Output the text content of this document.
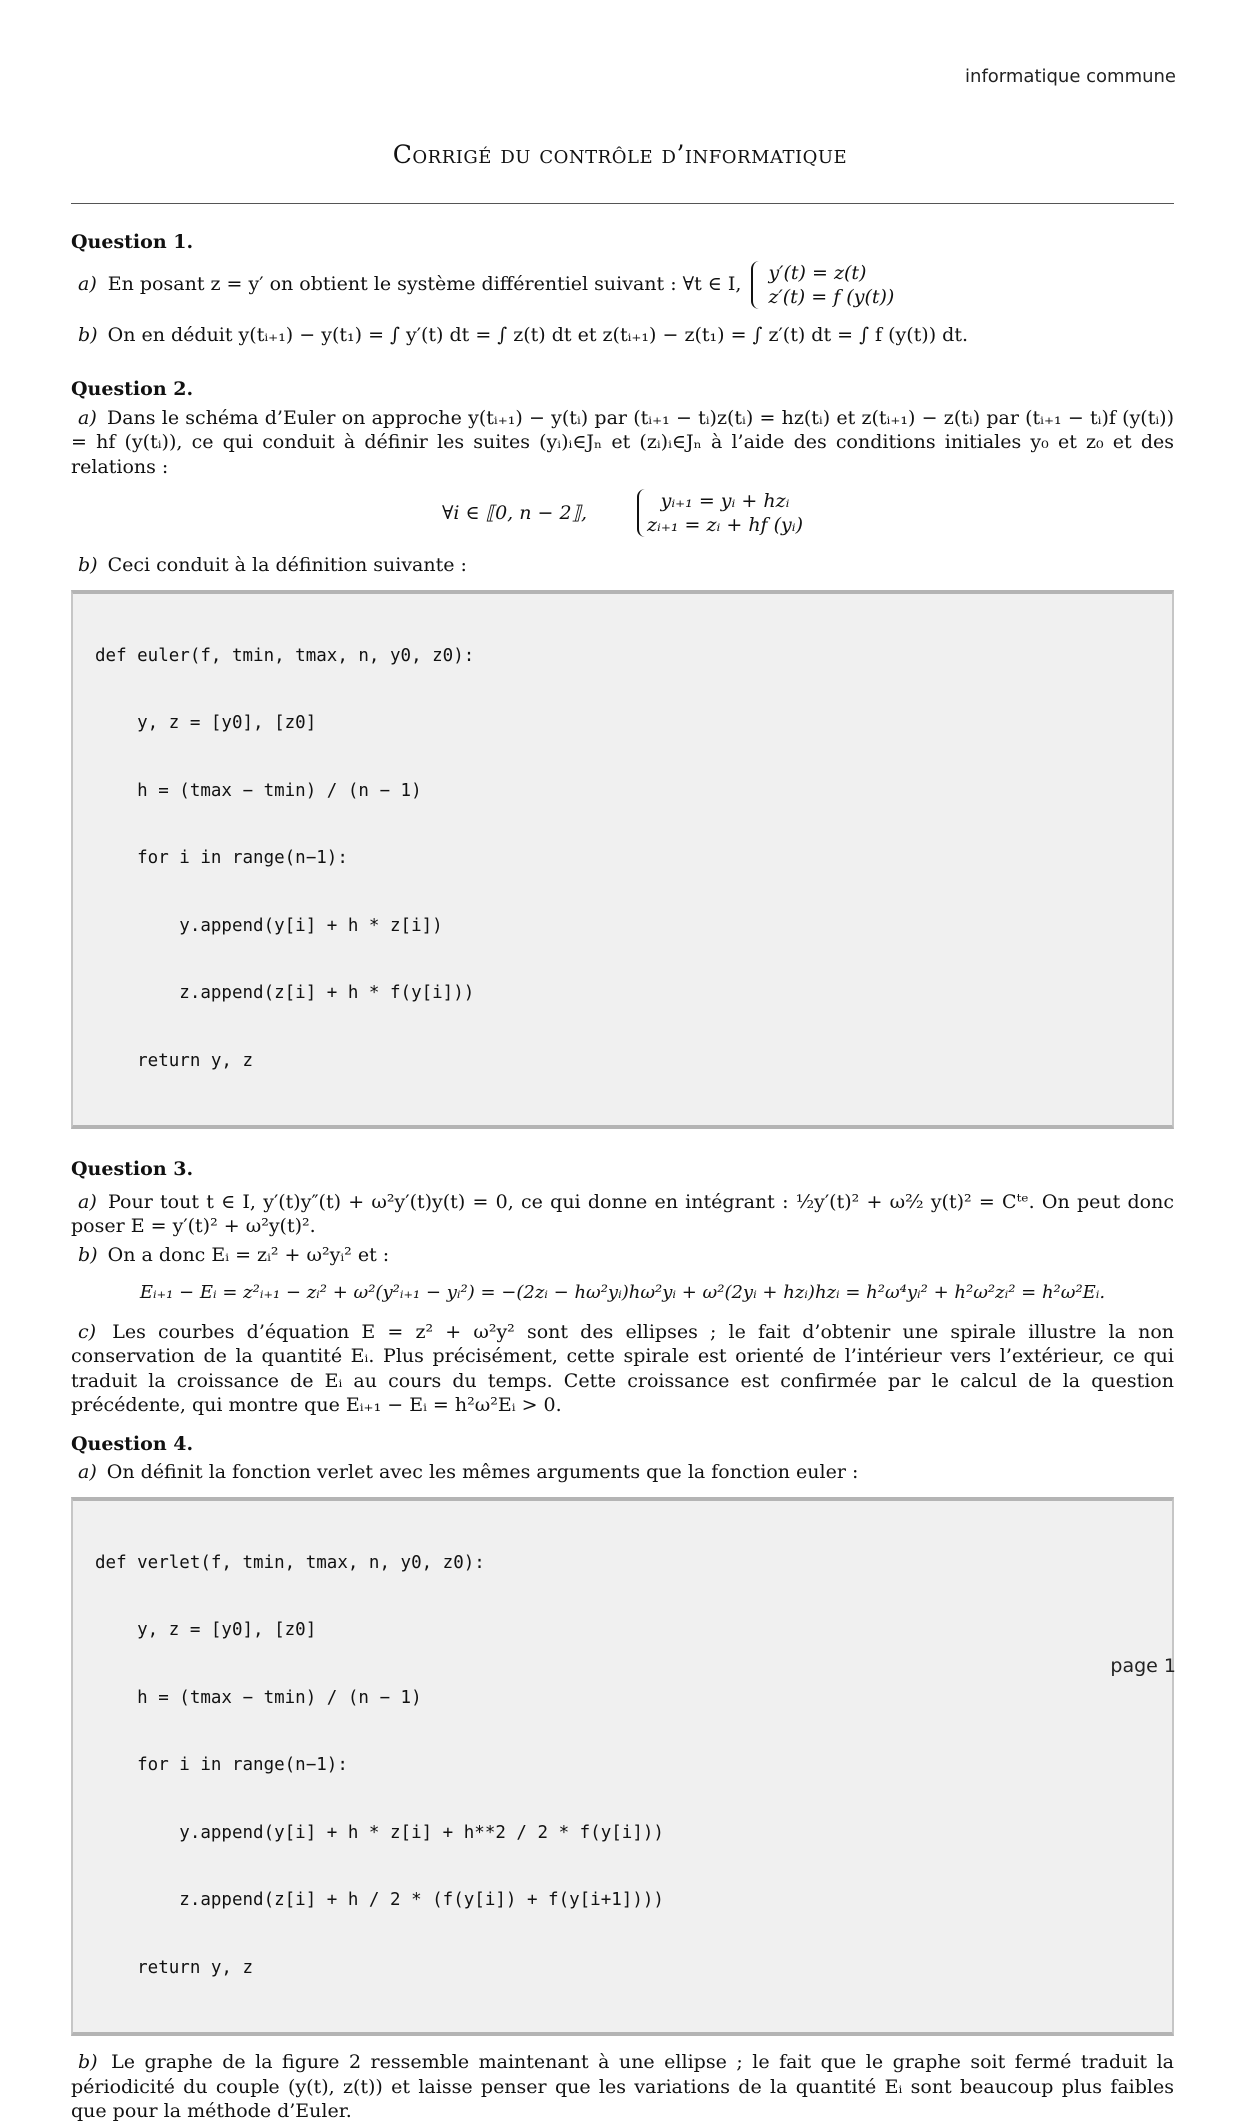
informatique commune
Corrigé du contrôle d’informatique

Question 1.

a) En posant z = y′ on obtient le système différentiel suivant : ∀t ∈ I,
y′(t) = z(t)
z′(t) = f (y(t))
b) On en déduit y(tᵢ₊₁) − y(t₁) = ∫ y′(t) dt = ∫ z(t) dt et z(tᵢ₊₁) − z(t₁) = ∫ z′(t) dt = ∫ f (y(t)) dt.

Question 2.

a) Dans le schéma d’Euler on approche y(tᵢ₊₁) − y(tᵢ) par (tᵢ₊₁ − tᵢ)z(tᵢ) = hz(tᵢ) et z(tᵢ₊₁) − z(tᵢ) par (tᵢ₊₁ − tᵢ)f (y(tᵢ)) = hf (y(tᵢ)), ce qui conduit à définir les suites (yᵢ)ᵢ∈Jₙ et (zᵢ)ᵢ∈Jₙ à l’aide des conditions initiales y₀ et z₀ et des relations :
∀i ∈ ⟦0, n − 2⟧,
yᵢ₊₁ = yᵢ + hzᵢ
zᵢ₊₁ = zᵢ + hf (yᵢ)
b) Ceci conduit à la définition suivante :

def euler(f, tmin, tmax, n, y0, z0):

y, z = [y0], [z0]

h = (tmax − tmin) / (n − 1)

for i in range(n−1):

y.append(y[i] + h * z[i])

z.append(z[i] + h * f(y[i]))

return y, z

Question 3.

a) Pour tout t ∈ I, y′(t)y″(t) + ω²y′(t)y(t) = 0, ce qui donne en intégrant : ½y′(t)² + ω²⁄₂ y(t)² = Cᵗᵉ. On peut donc poser E = y′(t)² + ω²y(t)².
b) On a donc Eᵢ = zᵢ² + ω²yᵢ² et :
Eᵢ₊₁ − Eᵢ = z²ᵢ₊₁ − zᵢ² + ω²(y²ᵢ₊₁ − yᵢ²) = −(2zᵢ − hω²yᵢ)hω²yᵢ + ω²(2yᵢ + hzᵢ)hzᵢ = h²ω⁴yᵢ² + h²ω²zᵢ² = h²ω²Eᵢ.
c) Les courbes d’équation E = z² + ω²y² sont des ellipses ; le fait d’obtenir une spirale illustre la non conservation de la quantité Eᵢ. Plus précisément, cette spirale est orienté de l’intérieur vers l’extérieur, ce qui traduit la croissance de Eᵢ au cours du temps. Cette croissance est confirmée par le calcul de la question précédente, qui montre que Eᵢ₊₁ − Eᵢ = h²ω²Eᵢ > 0.

Question 4.

a) On définit la fonction verlet avec les mêmes arguments que la fonction euler :

def verlet(f, tmin, tmax, n, y0, z0):

y, z = [y0], [z0]

h = (tmax − tmin) / (n − 1)

for i in range(n−1):

y.append(y[i] + h * z[i] + h**2 / 2 * f(y[i]))

z.append(z[i] + h / 2 * (f(y[i]) + f(y[i+1])))

return y, z

b) Le graphe de la figure 2 ressemble maintenant à une ellipse ; le fait que le graphe soit fermé traduit la périodicité du couple (y(t), z(t)) et laisse penser que les variations de la quantité Eᵢ sont beaucoup plus faibles que pour la méthode d’Euler.
page 1
